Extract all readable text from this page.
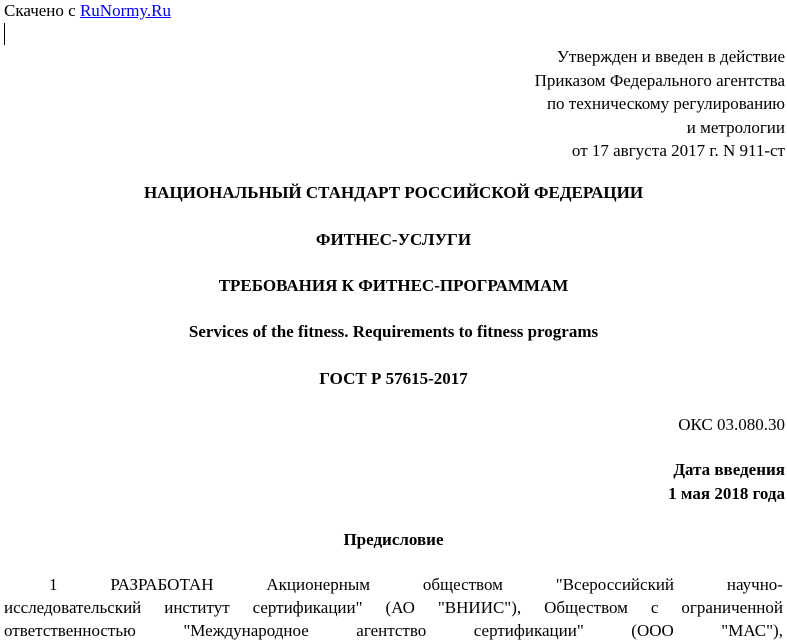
Скачено с RuNormy.Ru
Утвержден и введен в действие
Приказом Федерального агентства
по техническому регулированию
и метрологии
от 17 августа 2017 г. N 911-ст
НАЦИОНАЛЬНЫЙ СТАНДАРТ РОССИЙСКОЙ ФЕДЕРАЦИИ
ФИТНЕС-УСЛУГИ
ТРЕБОВАНИЯ К ФИТНЕС-ПРОГРАММАМ
Services of the fitness. Requirements to fitness programs
ГОСТ Р 57615-2017
ОКС 03.080.30
Дата введения
1 мая 2018 года
Предисловие
1	РАЗРАБОТАН	Акционерным	обществом	"Всероссийский	научно-
исследовательский институт сертификации" (АО "ВНИИС"), Обществом с ограниченной
ответственностью	"Международное	агентство	сертификации"	(ООО	"МАС"),
